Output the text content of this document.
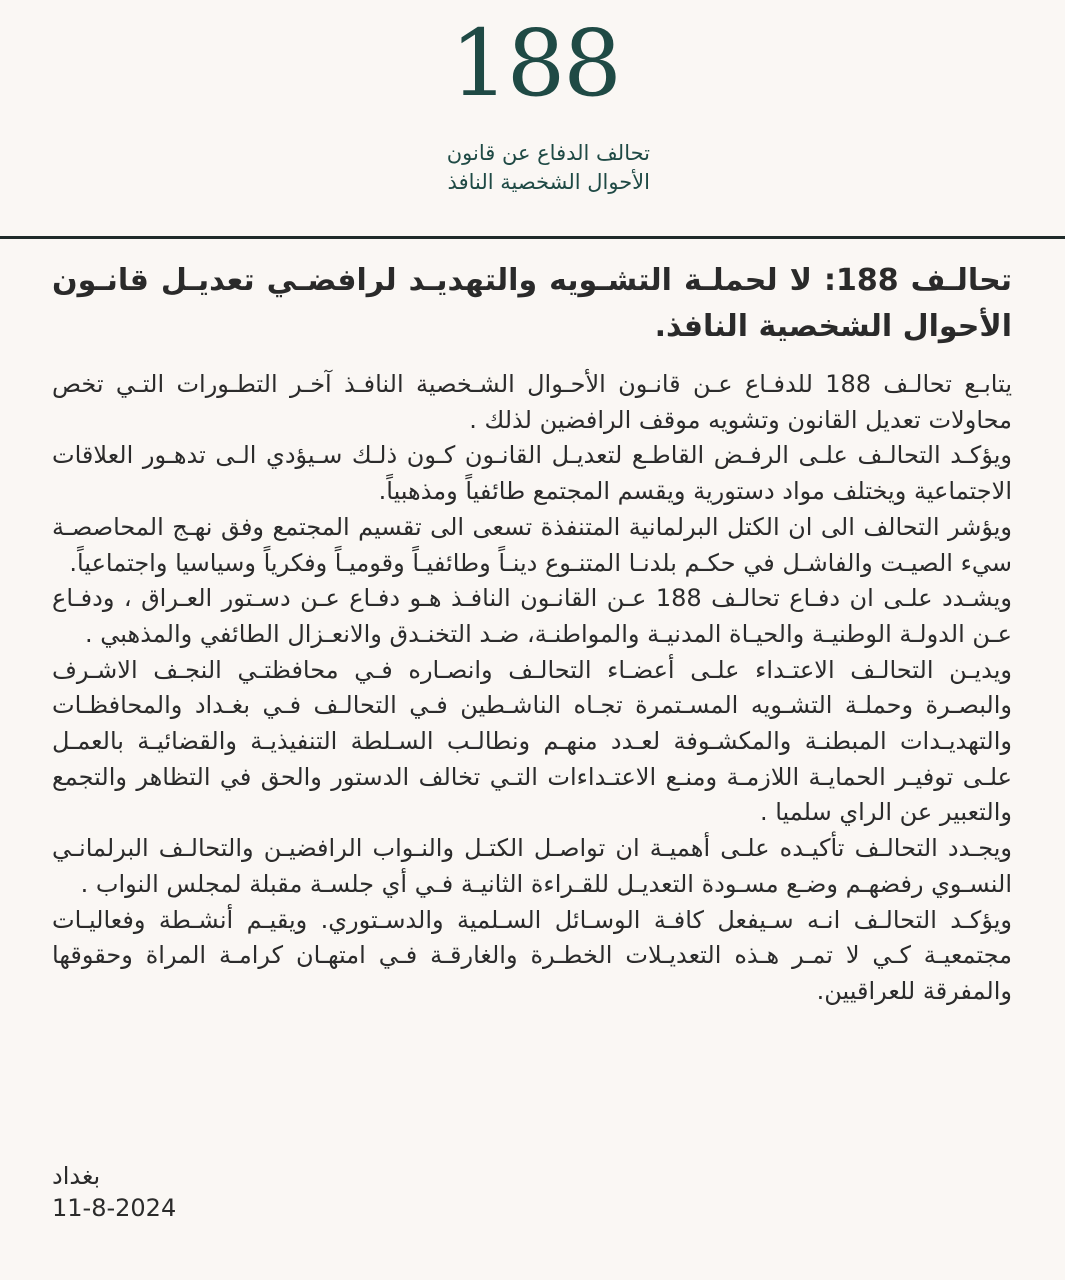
188
تحالف الدفاع عن قانون
الأحوال الشخصية النافذ
تحالـف 188: لا لحملـة التشـويه والتهديـد لرافضـي تعديـل قانـون الأحوال الشخصية النافذ.

يتابـع تحالـف 188 للدفـاع عـن قانـون الأحـوال الشـخصية النافـذ آخـر التطـورات التـي تخص محاولات تعديل القانون وتشويه موقف الرافضين لذلك .

ويؤكـد التحالـف علـى الرفـض القاطـع لتعديـل القانـون كـون ذلـك سـيؤدي الـى تدهـور العلاقات الاجتماعية ويختلف مواد دستورية ويقسم المجتمع طائفياً ومذهبياً.

ويؤشر التحالف الى ان الكتل البرلمانية المتنفذة تسعى الى تقسيم المجتمع وفق نهـج المحاصصـة سيء الصيـت والفاشـل في حكـم بلدنـا المتنـوع دينـاً وطائفيـاً وقوميـاً وفكرياً وسياسيا واجتماعياً.

ويشـدد علـى ان دفـاع تحالـف 188 عـن القانـون النافـذ هـو دفـاع عـن دسـتور العـراق ، ودفـاع عـن الدولـة الوطنيـة والحيـاة المدنيـة والمواطنـة، ضـد التخنـدق والانعـزال الطائفي والمذهبي .

ويديـن التحالـف الاعتـداء علـى أعضـاء التحالـف وانصـاره فـي محافظتـي النجـف الاشـرف والبصـرة وحملـة التشـويه المسـتمرة تجـاه الناشـطين فـي التحالـف فـي بغـداد والمحافظـات والتهديـدات المبطنـة والمكشـوفة لعـدد منهـم ونطالـب السـلطة التنفيذيـة والقضائيـة بالعمـل علـى توفيـر الحمايـة اللازمـة ومنـع الاعتـداءات التـي تخالف الدستور والحق في التظاهر والتجمع والتعبير عن الراي سلميا .

ويجـدد التحالـف تأكيـده علـى أهميـة ان تواصـل الكتـل والنـواب الرافضيـن والتحالـف البرلمانـي النسـوي رفضهـم وضـع مسـودة التعديـل للقـراءة الثانيـة فـي أي جلسـة مقبلة لمجلس النواب .

ويؤكـد التحالـف انـه سـيفعل كافـة الوسـائل السـلمية والدسـتوري. ويقيـم أنشـطة وفعاليـات مجتمعيـة كـي لا تمـر هـذه التعديـلات الخطـرة والغارقـة فـي امتهـان كرامـة المراة وحقوقها والمفرقة للعراقيين.

بغداد
11-8-2024
